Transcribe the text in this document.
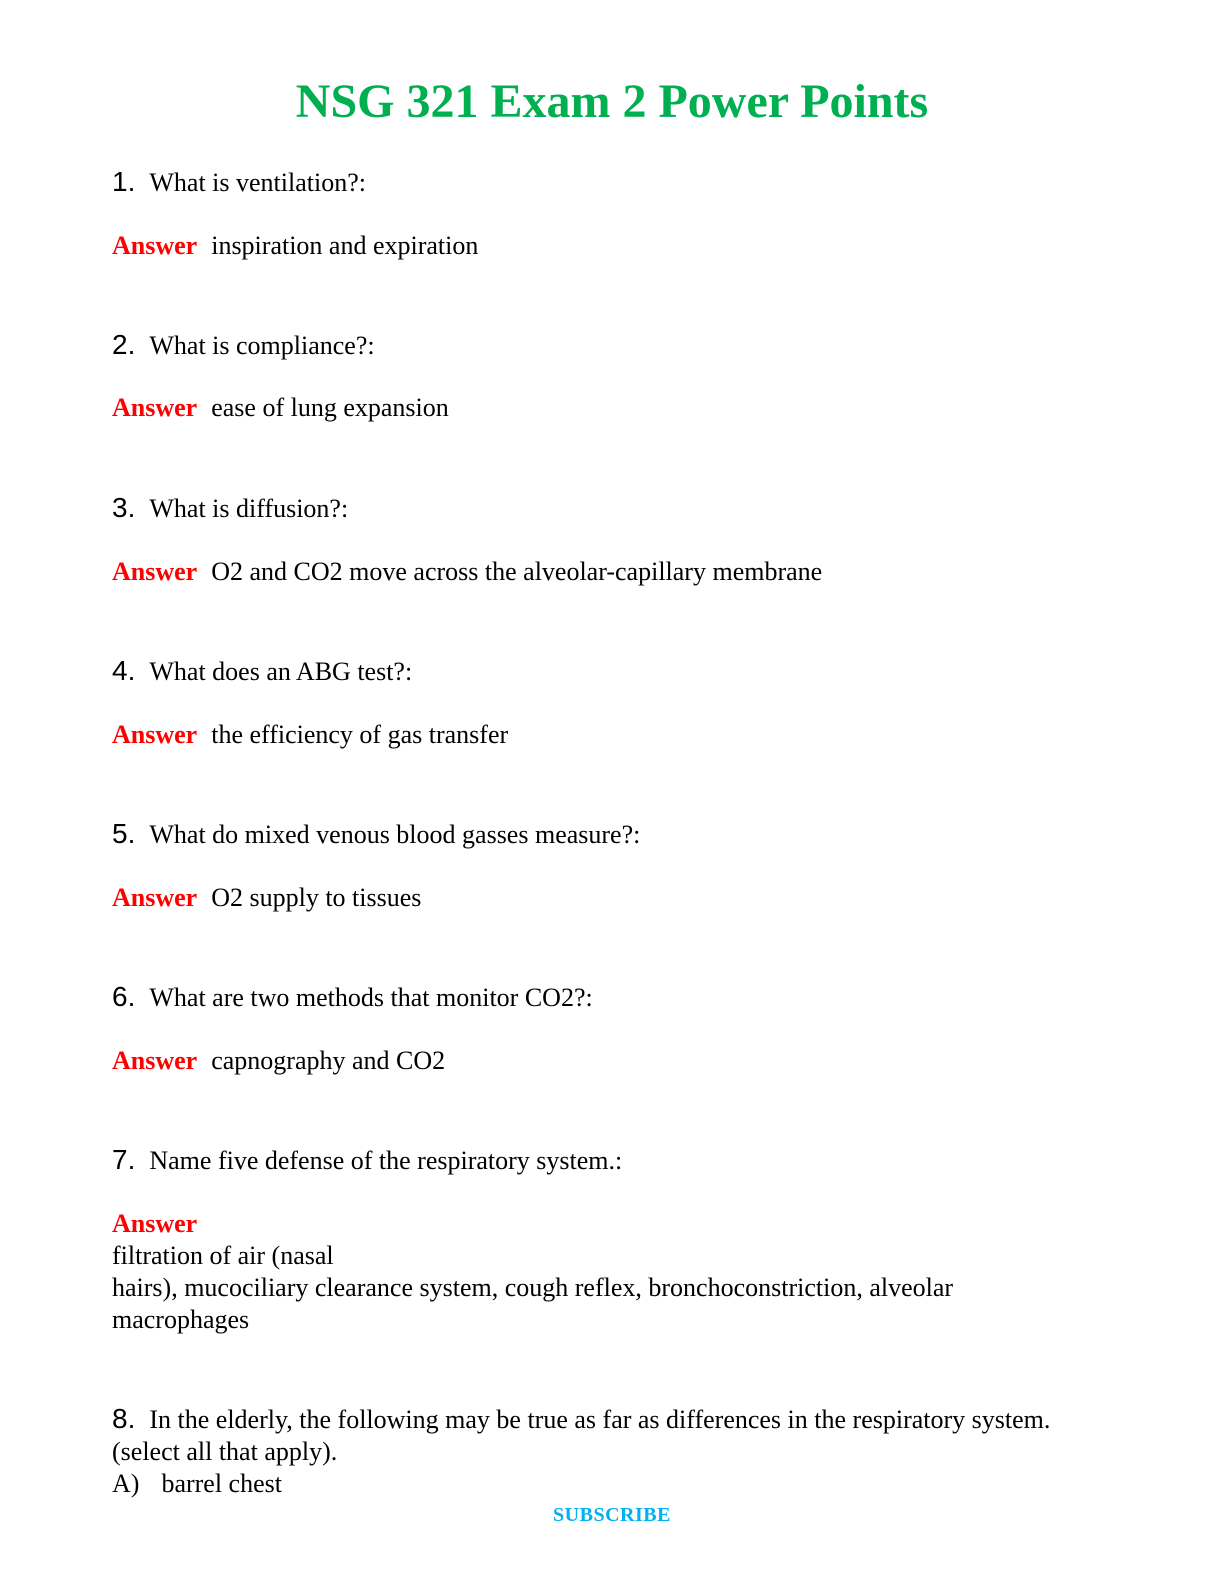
NSG 321 Exam 2 Power Points
1. What is ventilation?:
Answer inspiration and expiration
2. What is compliance?:
Answer ease of lung expansion
3. What is diffusion?:
Answer O2 and CO2 move across the alveolar-capillary membrane
4. What does an ABG test?:
Answer the efficiency of gas transfer
5. What do mixed venous blood gasses measure?:
Answer O2 supply to tissues
6. What are two methods that monitor CO2?:
Answer capnography and CO2
7. Name five defense of the respiratory system.:
Answer
filtration of air (nasal
hairs), mucociliary clearance system, cough reflex, bronchoconstriction, alveolar
macrophages
8. In the elderly, the following may be true as far as differences in the respiratory system.
(select all that apply).
A) barrel chest
SUBSCRIBE
